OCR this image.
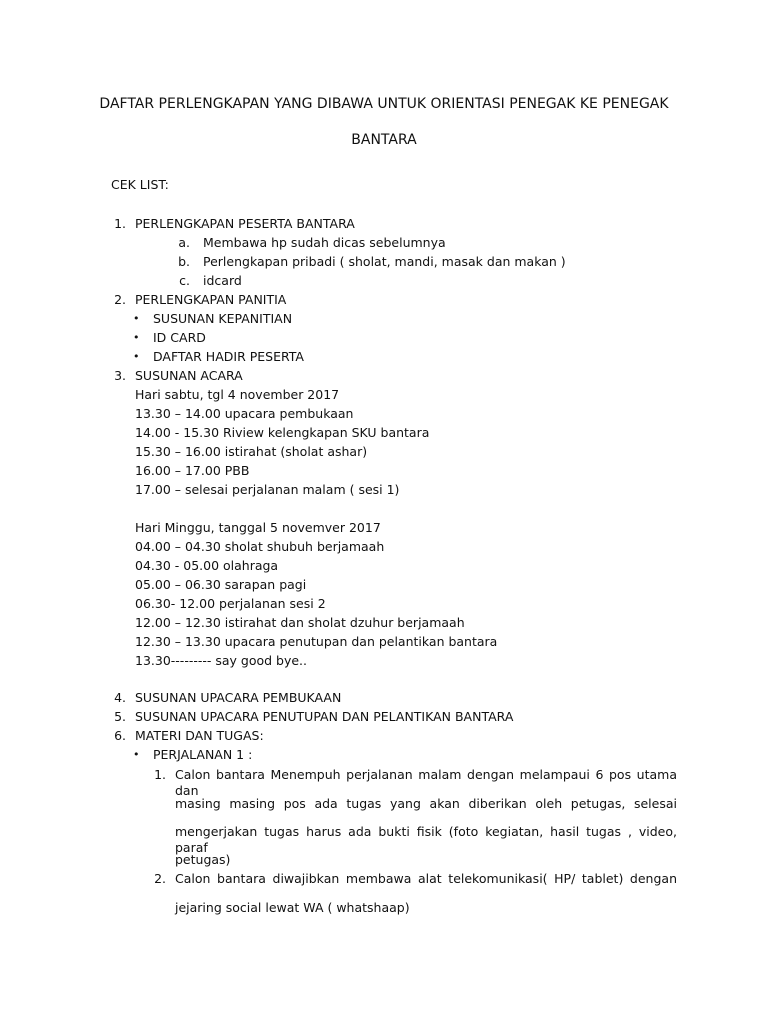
DAFTAR PERLENGKAPAN YANG DIBAWA UNTUK ORIENTASI PENEGAK KE PENEGAK
BANTARA
CEK LIST:
1. PERLENGKAPAN PESERTA BANTARA
a. Membawa hp sudah dicas sebelumnya
b. Perlengkapan pribadi ( sholat, mandi, masak dan makan )
c. idcard
2. PERLENGKAPAN PANITIA
• SUSUNAN KEPANITIAN
• ID CARD
• DAFTAR HADIR PESERTA
3. SUSUNAN ACARA
Hari sabtu, tgl 4 november 2017
13.30 – 14.00 upacara pembukaan
14.00 - 15.30 Riview kelengkapan SKU bantara
15.30 – 16.00 istirahat (sholat ashar)
16.00 – 17.00 PBB
17.00 – selesai perjalanan malam ( sesi 1)
Hari Minggu, tanggal 5 novemver 2017
04.00 – 04.30 sholat shubuh berjamaah
04.30 - 05.00 olahraga
05.00 – 06.30 sarapan pagi
06.30- 12.00 perjalanan sesi 2
12.00 – 12.30 istirahat dan sholat dzuhur berjamaah
12.30 – 13.30 upacara penutupan dan pelantikan bantara
13.30--------- say good bye..
4. SUSUNAN UPACARA PEMBUKAAN
5. SUSUNAN UPACARA PENUTUPAN DAN PELANTIKAN BANTARA
6. MATERI DAN TUGAS:
• PERJALANAN 1 :
1. Calon bantara Menempuh perjalanan malam dengan melampaui 6 pos utama dan
masing masing pos ada tugas yang akan diberikan oleh petugas, selesai
mengerjakan tugas harus ada bukti fisik (foto kegiatan, hasil tugas , video, paraf
petugas)
2. Calon bantara diwajibkan membawa alat telekomunikasi( HP/ tablet) dengan
jejaring social lewat WA ( whatshaap)
